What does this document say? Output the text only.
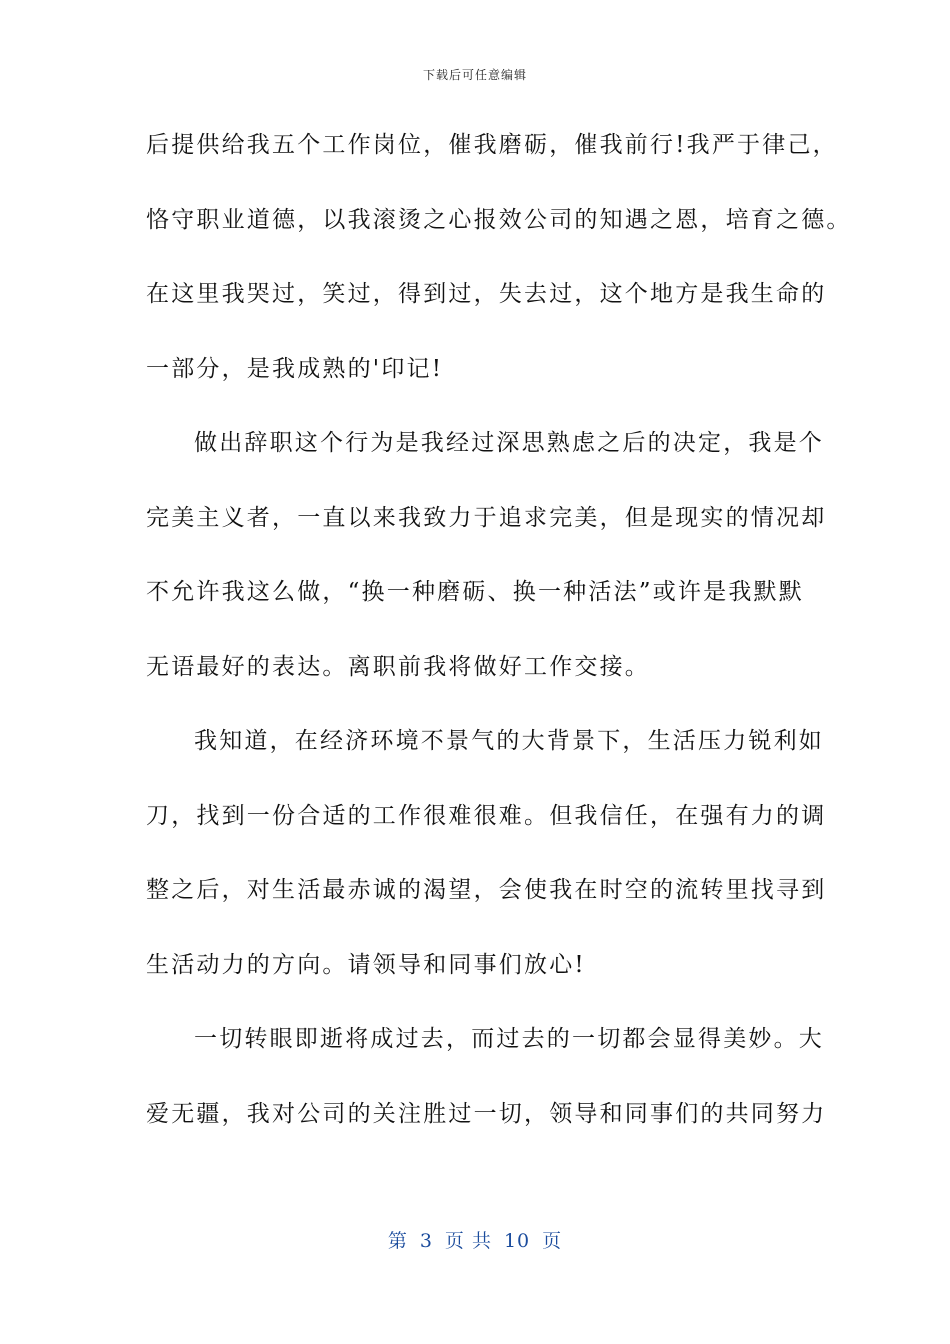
下载后可任意编辑
后提供给我五个工作岗位，催我磨砺，催我前行!我严于律己，
恪守职业道德，以我滚烫之心报效公司的知遇之恩，培育之德。
在这里我哭过，笑过，得到过，失去过，这个地方是我生命的
一部分，是我成熟的'印记!
做出辞职这个行为是我经过深思熟虑之后的决定，我是个
完美主义者，一直以来我致力于追求完美，但是现实的情况却
不允许我这么做，“换一种磨砺、换一种活法”或许是我默默
无语最好的表达。离职前我将做好工作交接。
我知道，在经济环境不景气的大背景下，生活压力锐利如
刀，找到一份合适的工作很难很难。但我信任，在强有力的调
整之后，对生活最赤诚的渴望，会使我在时空的流转里找寻到
生活动力的方向。请领导和同事们放心!
一切转眼即逝将成过去，而过去的一切都会显得美妙。大
爱无疆，我对公司的关注胜过一切，领导和同事们的共同努力
第 3 页 共 10 页
